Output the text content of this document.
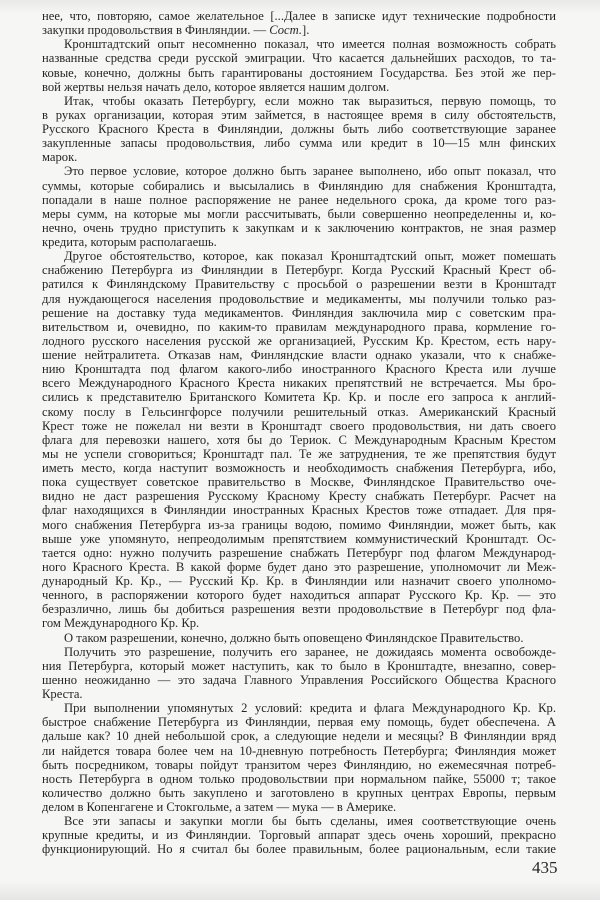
нее, что, повторяю, самое желательное [...Далее в записке идут технические подробности
закупки продовольствия в Финляндии. — Сост.].
Кронштадтский опыт несомненно показал, что имеется полная возможность собрать
названные средства среди русской эмиграции. Что касается дальнейших расходов, то та-
ковые, конечно, должны быть гарантированы достоянием Государства. Без этой же пер-
вой жертвы нельзя начать дело, которое является нашим долгом.
Итак, чтобы оказать Петербургу, если можно так выразиться, первую помощь, то
в руках организации, которая этим займется, в настоящее время в силу обстоятельств,
Русского Красного Креста в Финляндии, должны быть либо соответствующие заранее
закупленные запасы продовольствия, либо сумма или кредит в 10—15 млн финских
марок.
Это первое условие, которое должно быть заранее выполнено, ибо опыт показал, что
суммы, которые собирались и высылались в Финляндию для снабжения Кронштадта,
попадали в наше полное распоряжение не ранее недельного срока, да кроме того раз-
меры сумм, на которые мы могли рассчитывать, были совершенно неопределенны и, ко-
нечно, очень трудно приступить к закупкам и к заключению контрактов, не зная размер
кредита, которым располагаешь.
Другое обстоятельство, которое, как показал Кронштадтский опыт, может помешать
снабжению Петербурга из Финляндии в Петербург. Когда Русский Красный Крест об-
ратился к Финляндскому Правительству с просьбой о разрешении везти в Кронштадт
для нуждающегося населения продовольствие и медикаменты, мы получили только раз-
решение на доставку туда медикаментов. Финляндия заключила мир с советским пра-
вительством и, очевидно, по каким-то правилам международного права, кормление го-
лодного русского населения русской же организацией, Русским Кр. Крестом, есть нару-
шение нейтралитета. Отказав нам, Финляндские власти однако указали, что к снабже-
нию Кронштадта под флагом какого-либо иностранного Красного Креста или лучше
всего Международного Красного Креста никаких препятствий не встречается. Мы бро-
сились к представителю Британского Комитета Кр. Кр. и после его запроса к англий-
скому послу в Гельсингфорсе получили решительный отказ. Американский Красный
Крест тоже не пожелал ни везти в Кронштадт своего продовольствия, ни дать своего
флага для перевозки нашего, хотя бы до Териок. С Международным Красным Крестом
мы не успели сговориться; Кронштадт пал. Те же затруднения, те же препятствия будут
иметь место, когда наступит возможность и необходимость снабжения Петербурга, ибо,
пока существует советское правительство в Москве, Финляндское Правительство оче-
видно не даст разрешения Русскому Красному Кресту снабжать Петербург. Расчет на
флаг находящихся в Финляндии иностранных Красных Крестов тоже отпадает. Для пря-
мого снабжения Петербурга из-за границы водою, помимо Финляндии, может быть, как
выше уже упомянуто, непреодолимым препятствием коммунистический Кронштадт. Ос-
тается одно: нужно получить разрешение снабжать Петербург под флагом Международ-
ного Красного Креста. В какой форме будет дано это разрешение, уполномочит ли Меж-
дународный Кр. Кр., — Русский Кр. Кр. в Финляндии или назначит своего уполномо-
ченного, в распоряжении которого будет находиться аппарат Русского Кр. Кр. — это
безразлично, лишь бы добиться разрешения везти продовольствие в Петербург под фла-
гом Международного Кр. Кр.
О таком разрешении, конечно, должно быть оповещено Финляндское Правительство.
Получить это разрешение, получить его заранее, не дожидаясь момента освобожде-
ния Петербурга, который может наступить, как то было в Кронштадте, внезапно, совер-
шенно неожиданно — это задача Главного Управления Российского Общества Красного
Креста.
При выполнении упомянутых 2 условий: кредита и флага Международного Кр. Кр.
быстрое снабжение Петербурга из Финляндии, первая ему помощь, будет обеспечена. А
дальше как? 10 дней небольшой срок, а следующие недели и месяцы? В Финляндии вряд
ли найдется товара более чем на 10-дневную потребность Петербурга; Финляндия может
быть посредником, товары пойдут транзитом через Финляндию, но ежемесячная потреб-
ность Петербурга в одном только продовольствии при нормальном пайке, 55000 т; такое
количество должно быть закуплено и заготовлено в крупных центрах Европы, первым
делом в Копенгагене и Стокгольме, а затем — мука — в Америке.
Все эти запасы и закупки могли бы быть сделаны, имея соответствующие очень
крупные кредиты, и из Финляндии. Торговый аппарат здесь очень хороший, прекрасно
функционирующий. Но я считал бы более правильным, более рациональным, если такие
435
